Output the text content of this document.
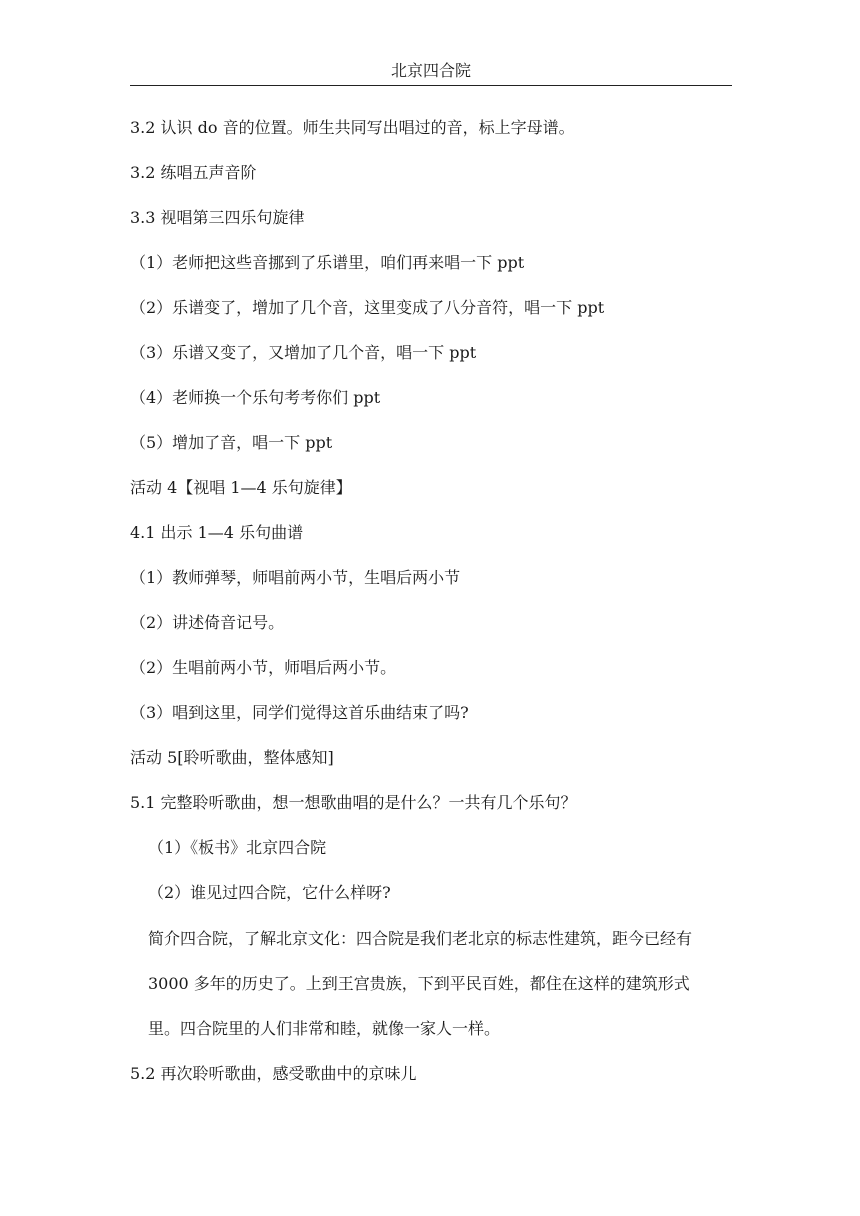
北京四合院
3.2 认识 do 音的位置。师生共同写出唱过的音，标上字母谱。
3.2 练唱五声音阶
3.3 视唱第三四乐句旋律
（1）老师把这些音挪到了乐谱里，咱们再来唱一下 ppt
（2）乐谱变了，增加了几个音，这里变成了八分音符，唱一下 ppt
（3）乐谱又变了，又增加了几个音，唱一下 ppt
（4）老师换一个乐句考考你们 ppt
（5）增加了音，唱一下 ppt
活动 4【视唱 1—4 乐句旋律】
4.1 出示 1—4 乐句曲谱
（1）教师弹琴，师唱前两小节，生唱后两小节
（2）讲述倚音记号。
（2）生唱前两小节，师唱后两小节。
（3）唱到这里，同学们觉得这首乐曲结束了吗?
活动 5[聆听歌曲，整体感知]
5.1 完整聆听歌曲，想一想歌曲唱的是什么？一共有几个乐句？
（1）《板书》北京四合院
（2）谁见过四合院，它什么样呀?
简介四合院，了解北京文化：四合院是我们老北京的标志性建筑，距今已经有
3000 多年的历史了。上到王宫贵族，下到平民百姓，都住在这样的建筑形式
里。四合院里的人们非常和睦，就像一家人一样。
5.2 再次聆听歌曲，感受歌曲中的京味儿
